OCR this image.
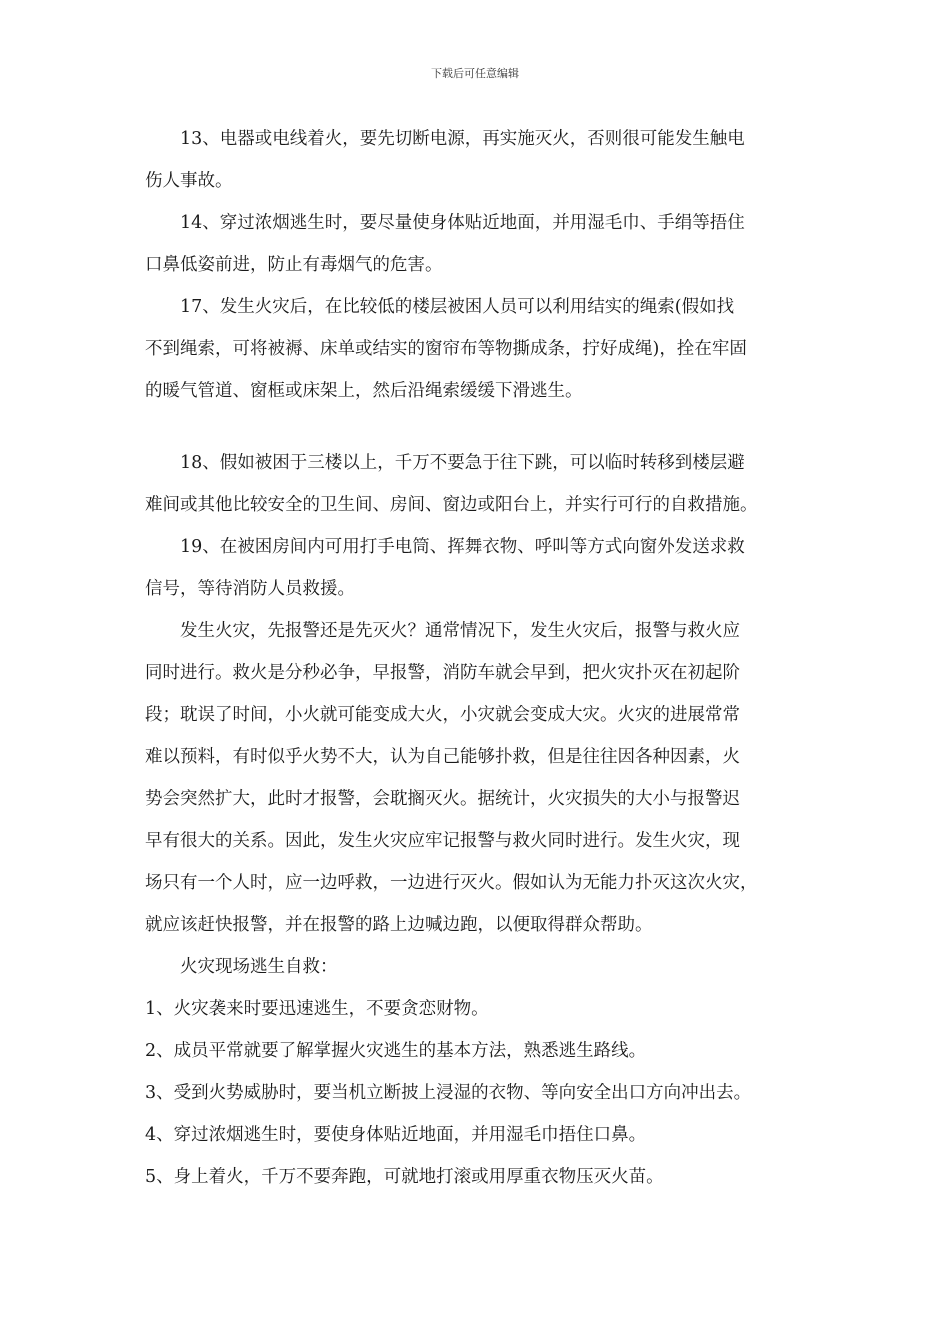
下载后可任意编辑

13、电器或电线着火，要先切断电源，再实施灭火，否则很可能发生触电

伤人事故。

14、穿过浓烟逃生时，要尽量使身体贴近地面，并用湿毛巾、手绢等捂住

口鼻低姿前进，防止有毒烟气的危害。

17、发生火灾后，在比较低的楼层被困人员可以利用结实的绳索(假如找

不到绳索，可将被褥、床单或结实的窗帘布等物撕成条，拧好成绳)，拴在牢固

的暖气管道、窗框或床架上，然后沿绳索缓缓下滑逃生。

18、假如被困于三楼以上，千万不要急于往下跳，可以临时转移到楼层避

难间或其他比较安全的卫生间、房间、窗边或阳台上，并实行可行的自救措施。

19、在被困房间内可用打手电筒、挥舞衣物、呼叫等方式向窗外发送求救

信号，等待消防人员救援。

发生火灾，先报警还是先灭火？通常情况下，发生火灾后，报警与救火应

同时进行。救火是分秒必争，早报警，消防车就会早到，把火灾扑灭在初起阶

段；耽误了时间，小火就可能变成大火，小灾就会变成大灾。火灾的进展常常

难以预料，有时似乎火势不大，认为自己能够扑救，但是往往因各种因素，火

势会突然扩大，此时才报警，会耽搁灭火。据统计，火灾损失的大小与报警迟

早有很大的关系。因此，发生火灾应牢记报警与救火同时进行。发生火灾，现

场只有一个人时，应一边呼救，一边进行灭火。假如认为无能力扑灭这次火灾，

就应该赶快报警，并在报警的路上边喊边跑，以便取得群众帮助。

火灾现场逃生自救：

1、火灾袭来时要迅速逃生，不要贪恋财物。

2、成员平常就要了解掌握火灾逃生的基本方法，熟悉逃生路线。

3、受到火势威胁时，要当机立断披上浸湿的衣物、等向安全出口方向冲出去。

4、穿过浓烟逃生时，要使身体贴近地面，并用湿毛巾捂住口鼻。

5、身上着火，千万不要奔跑，可就地打滚或用厚重衣物压灭火苗。
